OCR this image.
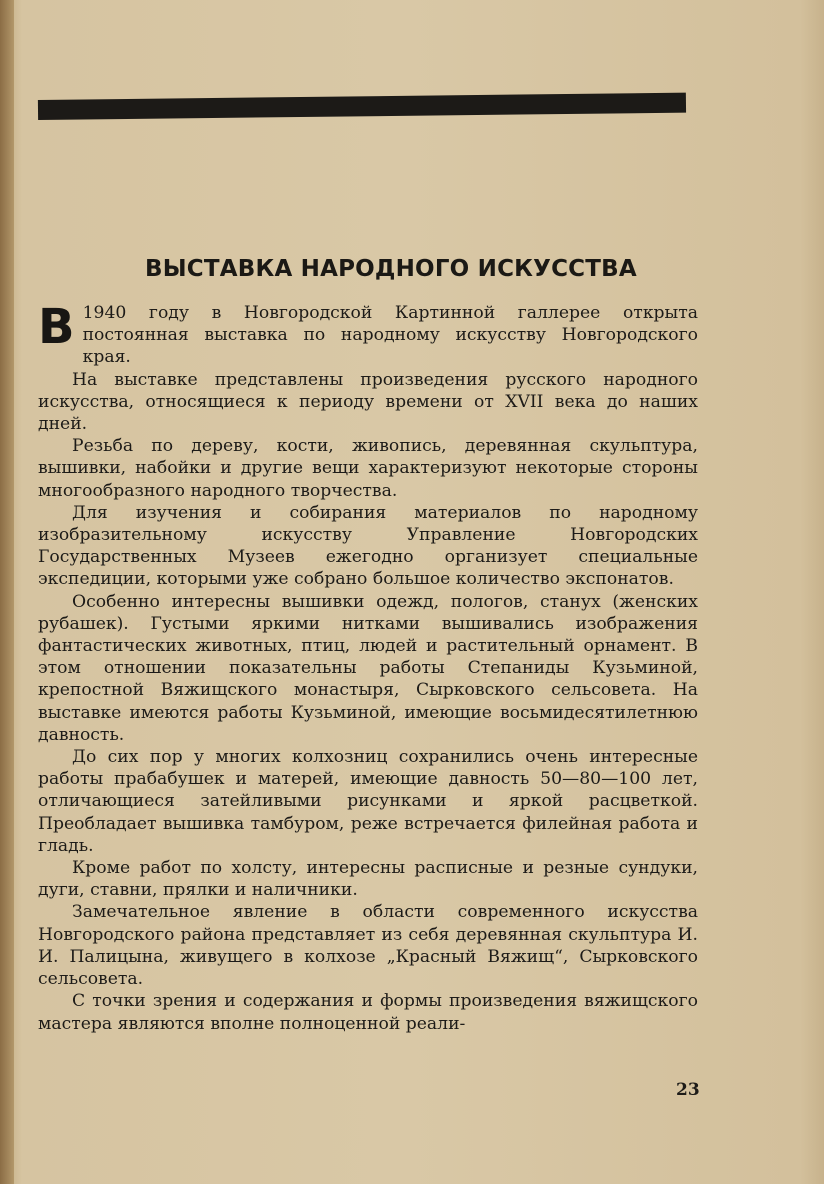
ВЫСТАВКА НАРОДНОГО ИСКУССТВА

В 1940 году в Новгородской Картинной галлерее открыта постоянная выставка по народному искусству Новгородского края.

На выставке представлены произведения русского народного искусства, относящиеся к периоду времени от XVII века до наших дней.

Резьба по дереву, кости, живопись, деревянная скульптура, вышивки, набойки и другие вещи характеризуют некоторые стороны многообразного народного творчества.

Для изучения и собирания материалов по народному изобразительному искусству Управление Новгородских Государственных Музеев ежегодно организует специальные экспедиции, которыми уже собрано большое количество экспонатов.

Особенно интересны вышивки одежд, пологов, станух (женских рубашек). Густыми яркими нитками вышивались изображения фантастических животных, птиц, людей и растительный орнамент. В этом отношении показательны работы Степаниды Кузьминой, крепостной Вяжищского монастыря, Сырковского сельсовета. На выставке имеются работы Кузьминой, имеющие восьмидесятилетнюю давность.

До сих пор у многих колхозниц сохранились очень интересные работы прабабушек и матерей, имеющие давность 50—80—100 лет, отличающиеся затейливыми рисунками и яркой расцветкой. Преобладает вышивка тамбуром, реже встречается филейная работа и гладь.

Кроме работ по холсту, интересны расписные и резные сундуки, дуги, ставни, прялки и наличники.

Замечательное явление в области современного искусства Новгородского района представляет из себя деревянная скульптура И. И. Палицына, живущего в колхозе „Красный Вяжищ“, Сырковского сельсовета.

С точки зрения и содержания и формы произведения вяжищского мастера являются вполне полноценной реали-

23
